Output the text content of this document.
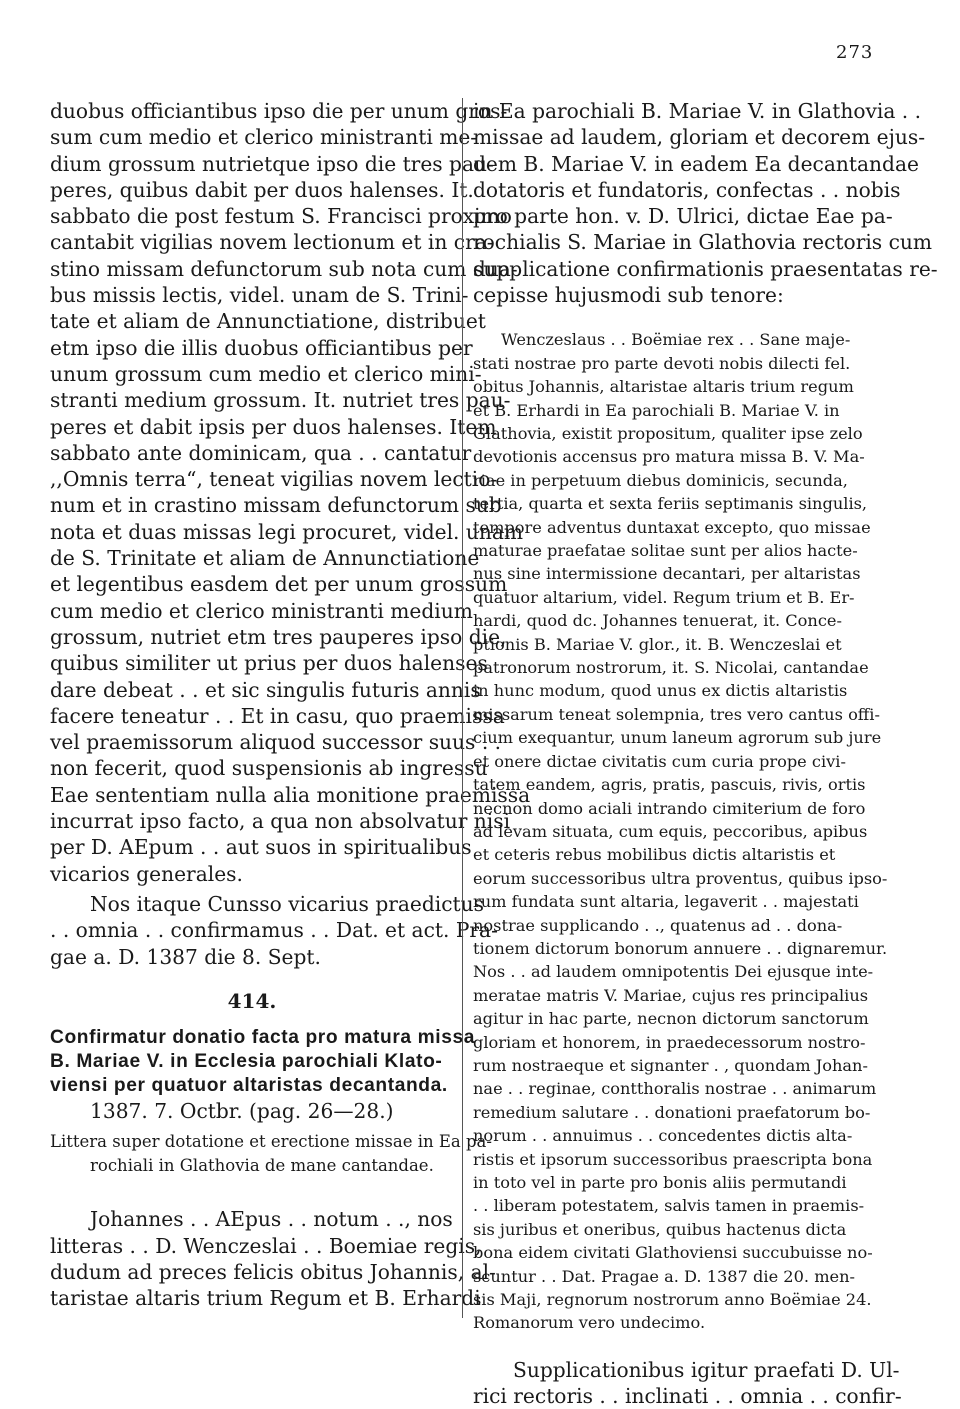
273
duobus officiantibus ipso die per unum gros-
sum cum medio et clerico ministranti me-
dium grossum nutrietque ipso die tres pau-
peres, quibus dabit per duos halenses. It.
sabbato die post festum S. Francisci proximo
cantabit vigilias novem lectionum et in cra-
stino missam defunctorum sub nota cum dua-
bus missis lectis, videl. unam de S. Trini-
tate et aliam de Annunctiatione, distribuet
etm ipso die illis duobus officiantibus per
unum grossum cum medio et clerico mini-
stranti medium grossum. It. nutriet tres pau-
peres et dabit ipsis per duos halenses. Item
sabbato ante dominicam, qua . . cantatur
,,Omnis terra“, teneat vigilias novem lectio-
num et in crastino missam defunctorum sub
nota et duas missas legi procuret, videl. unam
de S. Trinitate et aliam de Annunctiatione
et legentibus easdem det per unum grossum
cum medio et clerico ministranti medium
grossum, nutriet etm tres pauperes ipso die,
quibus similiter ut prius per duos halenses
dare debeat . . et sic singulis futuris annis
facere teneatur . . Et in casu, quo praemissa
vel praemissorum aliquod successor suus . .
non fecerit, quod suspensionis ab ingressu
Eae sententiam nulla alia monitione praemissa
incurrat ipso facto, a qua non absolvatur nisi
per D. AEpum . . aut suos in spiritualibus
vicarios generales.
Nos itaque Cunsso vicarius praedictus
. . omnia . . confirmamus . . Dat. et act. Pra-
gae a. D. 1387 die 8. Sept.
414.
Confirmatur donatio facta pro matura missa
B. Mariae V. in Ecclesia parochiali Klato-
viensi per quatuor altaristas decantanda.
1387. 7. Octbr. (pag. 26—28.)
Littera super dotatione et erectione missae in Ea pa-
rochiali in Glathovia de mane cantandae.
Johannes . . AEpus . . notum . ., nos
litteras . . D. Wenczeslai . . Boemiae regis,
dudum ad preces felicis obitus Johannis, al-
taristae altaris trium Regum et B. Erhardi
in Ea parochiali B. Mariae V. in Glathovia . .
missae ad laudem, gloriam et decorem ejus-
dem B. Mariae V. in eadem Ea decantandae
dotatoris et fundatoris, confectas . . nobis
pro parte hon. v. D. Ulrici, dictae Eae pa-
rochialis S. Mariae in Glathovia rectoris cum
supplicatione confirmationis praesentatas re-
cepisse hujusmodi sub tenore:
Wenczeslaus . . Boëmiae rex . . Sane maje-
stati nostrae pro parte devoti nobis dilecti fel.
obitus Johannis, altaristae altaris trium regum
et B. Erhardi in Ea parochiali B. Mariae V. in
Glathovia, existit propositum, qualiter ipse zelo
devotionis accensus pro matura missa B. V. Ma-
riae in perpetuum diebus dominicis, secunda,
tertia, quarta et sexta feriis septimanis singulis,
tempore adventus duntaxat excepto, quo missae
maturae praefatae solitae sunt per alios hacte-
nus sine intermissione decantari, per altaristas
quatuor altarium, videl. Regum trium et B. Er-
hardi, quod dc. Johannes tenuerat, it. Conce-
ptionis B. Mariae V. glor., it. B. Wenczeslai et
patronorum nostrorum, it. S. Nicolai, cantandae
in hunc modum, quod unus ex dictis altaristis
missarum teneat solempnia, tres vero cantus offi-
cium exequantur, unum laneum agrorum sub jure
et onere dictae civitatis cum curia prope civi-
tatem eandem, agris, pratis, pascuis, rivis, ortis
necnon domo aciali intrando cimiterium de foro
ad levam situata, cum equis, peccoribus, apibus
et ceteris rebus mobilibus dictis altaristis et
eorum successoribus ultra proventus, quibus ipso-
rum fundata sunt altaria, legaverit . . majestati
nostrae supplicando . ., quatenus ad . . dona-
tionem dictorum bonorum annuere . . dignaremur.
Nos . . ad laudem omnipotentis Dei ejusque inte-
meratae matris V. Mariae, cujus res principalius
agitur in hac parte, necnon dictorum sanctorum
gloriam et honorem, in praedecessorum nostro-
rum nostraeque et signanter . , quondam Johan-
nae . . reginae, contthoralis nostrae . . animarum
remedium salutare . . donationi praefatorum bo-
norum . . annuimus . . concedentes dictis alta-
ristis et ipsorum successoribus praescripta bona
in toto vel in parte pro bonis aliis permutandi
. . liberam potestatem, salvis tamen in praemis-
sis juribus et oneribus, quibus hactenus dicta
bona eidem civitati Glathoviensi succubuisse no-
scuntur . . Dat. Pragae a. D. 1387 die 20. men-
sis Maji, regnorum nostrorum anno Boëmiae 24.
Romanorum vero undecimo.
Supplicationibus igitur praefati D. Ul-
rici rectoris . . inclinati . . omnia . . confir-
